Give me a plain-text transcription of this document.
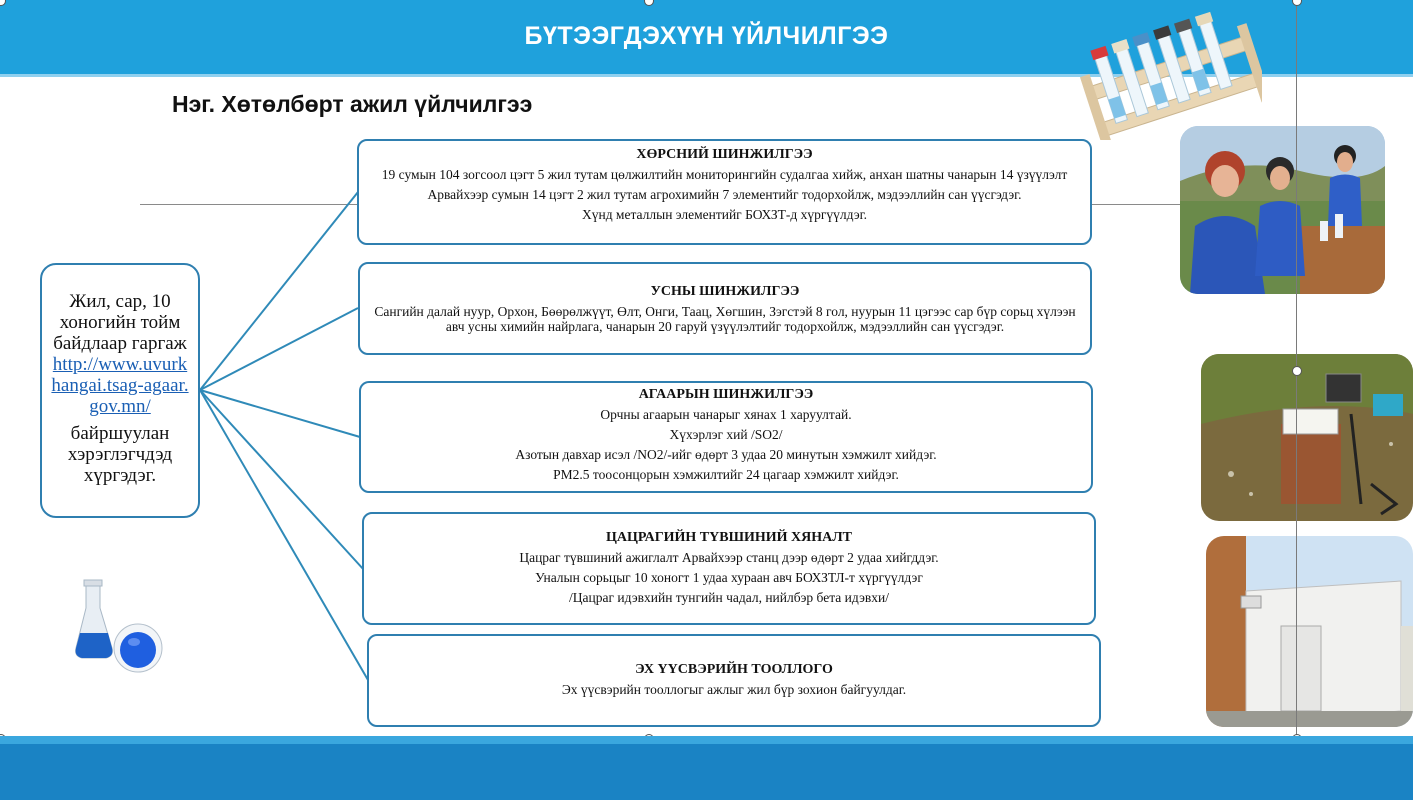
БҮТЭЭГДЭХҮҮН ҮЙЛЧИЛГЭЭ
Нэг. Хөтөлбөрт ажил үйлчилгээ
Жил, сар, 10 хоногийн тойм байдлаар гаргаж
http://www.uvurkhangai.tsag-agaar.gov.mn/
байршуулан хэрэглэгчдэд хүргэдэг.
ХӨРСНИЙ ШИНЖИЛГЭЭ
19 сумын 104 зогсоол цэгт 5 жил тутам цөлжилтийн мониторингийн судалгаа хийж, анхан шатны чанарын 14 үзүүлэлт
Арвайхээр сумын 14 цэгт 2 жил тутам агрохимийн 7 элементийг тодорхойлж, мэдээллийн сан үүсгэдэг.
Хүнд металлын элементийг БОХЗТ-д хүргүүлдэг.
УСНЫ ШИНЖИЛГЭЭ
Сангийн далай нуур, Орхон, Бөөрөлжүүт, Өлт, Онги, Таац, Хөгшин, Зэгстэй 8 гол, нуурын 11 цэгээс сар бүр сорьц хүлээн авч усны химийн найрлага, чанарын 20 гаруй үзүүлэлтийг тодорхойлж, мэдээллийн сан үүсгэдэг.
АГААРЫН ШИНЖИЛГЭЭ
Орчны агаарын чанарыг хянах 1 харуултай.
Хүхэрлэг хий /SO2/
Азотын давхар исэл /NO2/-ийг өдөрт 3 удаа 20 минутын хэмжилт хийдэг.
PM2.5 тоосонцорын хэмжилтийг 24 цагаар хэмжилт хийдэг.
ЦАЦРАГИЙН ТҮВШИНИЙ ХЯНАЛТ
Цацраг түвшиний ажиглалт Арвайхээр станц дээр өдөрт 2 удаа хийгддэг.
Уналын сорьцыг 10 хоногт 1 удаа хураан авч БОХЗТЛ-т хүргүүлдэг
/Цацраг идэвхийн тунгийн чадал, нийлбэр бета идэвхи/
ЭХ ҮҮСВЭРИЙН ТООЛЛОГО
Эх үүсвэрийн тооллогыг ажлыг жил бүр зохион байгуулдаг.
